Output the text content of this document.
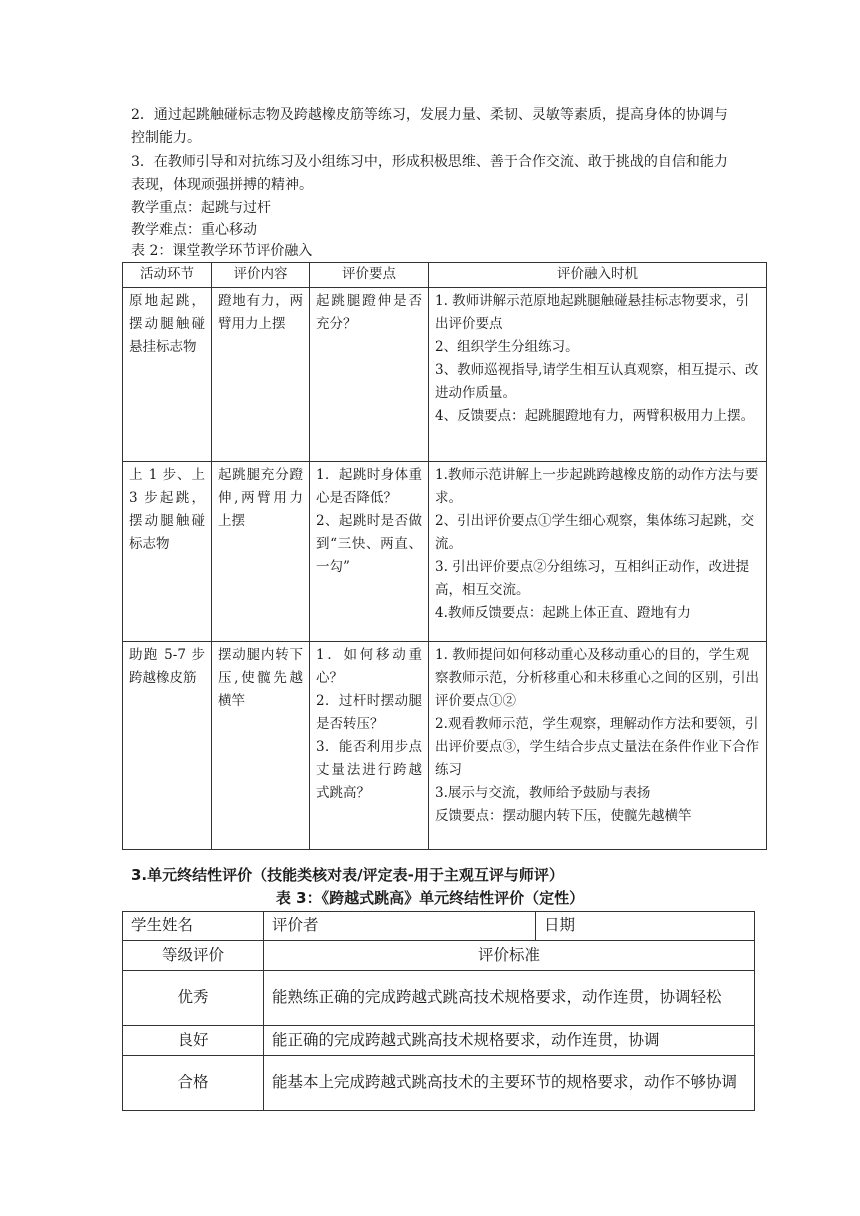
2．通过起跳触碰标志物及跨越橡皮筋等练习，发展力量、柔韧、灵敏等素质，提高身体的协调与控制能力。

3．在教师引导和对抗练习及小组练习中，形成积极思维、善于合作交流、敢于挑战的自信和能力表现，体现顽强拼搏的精神。

教学重点：起跳与过杆

教学难点：重心移动

表 2：课堂教学环节评价融入

活动环节	评价内容	评价要点	评价融入时机
原地起跳，摆动腿触碰悬挂标志物	蹬地有力，两臂用力上摆	起跳腿蹬伸是否充分？	1. 教师讲解示范原地起跳腿触碰悬挂标志物要求，引出评价要点
2、组织学生分组练习。
3、教师巡视指导,请学生相互认真观察，相互提示、改进动作质量。
4、反馈要点：起跳腿蹬地有力，两臂积极用力上摆。

上 1 步、上 3 步起跳，摆动腿触碰标志物	起跳腿充分蹬伸,两臂用力上摆	1．起跳时身体重心是否降低？
2、起跳时是否做到“三快、两直、一勾”	1.教师示范讲解上一步起跳跨越橡皮筋的动作方法与要求。
2、引出评价要点①学生细心观察，集体练习起跳，交流。
3. 引出评价要点②分组练习，互相纠正动作，改进提高，相互交流。
4.教师反馈要点：起跳上体正直、蹬地有力

助跑 5-7 步跨越橡皮筋	摆动腿内转下压,使髋先越横竿	1．如何移动重心？
2．过杆时摆动腿是否转压？
3．能否利用步点丈量法进行跨越式跳高？	1. 教师提问如何移动重心及移动重心的目的，学生观察教师示范，分析移重心和未移重心之间的区别，引出评价要点①②
2.观看教师示范，学生观察，理解动作方法和要领，引出评价要点③，学生结合步点丈量法在条件作业下合作练习
3.展示与交流，教师给予鼓励与表扬
反馈要点：摆动腿内转下压，使髋先越横竿

3.单元终结性评价（技能类核对表/评定表-用于主观互评与师评）

表 3：《跨越式跳高》单元终结性评价（定性）

学生姓名	评价者	日期
等级评价	评价标准	
优秀	能熟练正确的完成跨越式跳高技术规格要求，动作连贯，协调轻松	
良好	能正确的完成跨越式跳高技术规格要求，动作连贯，协调	
合格	能基本上完成跨越式跳高技术的主要环节的规格要求，动作不够协调	
